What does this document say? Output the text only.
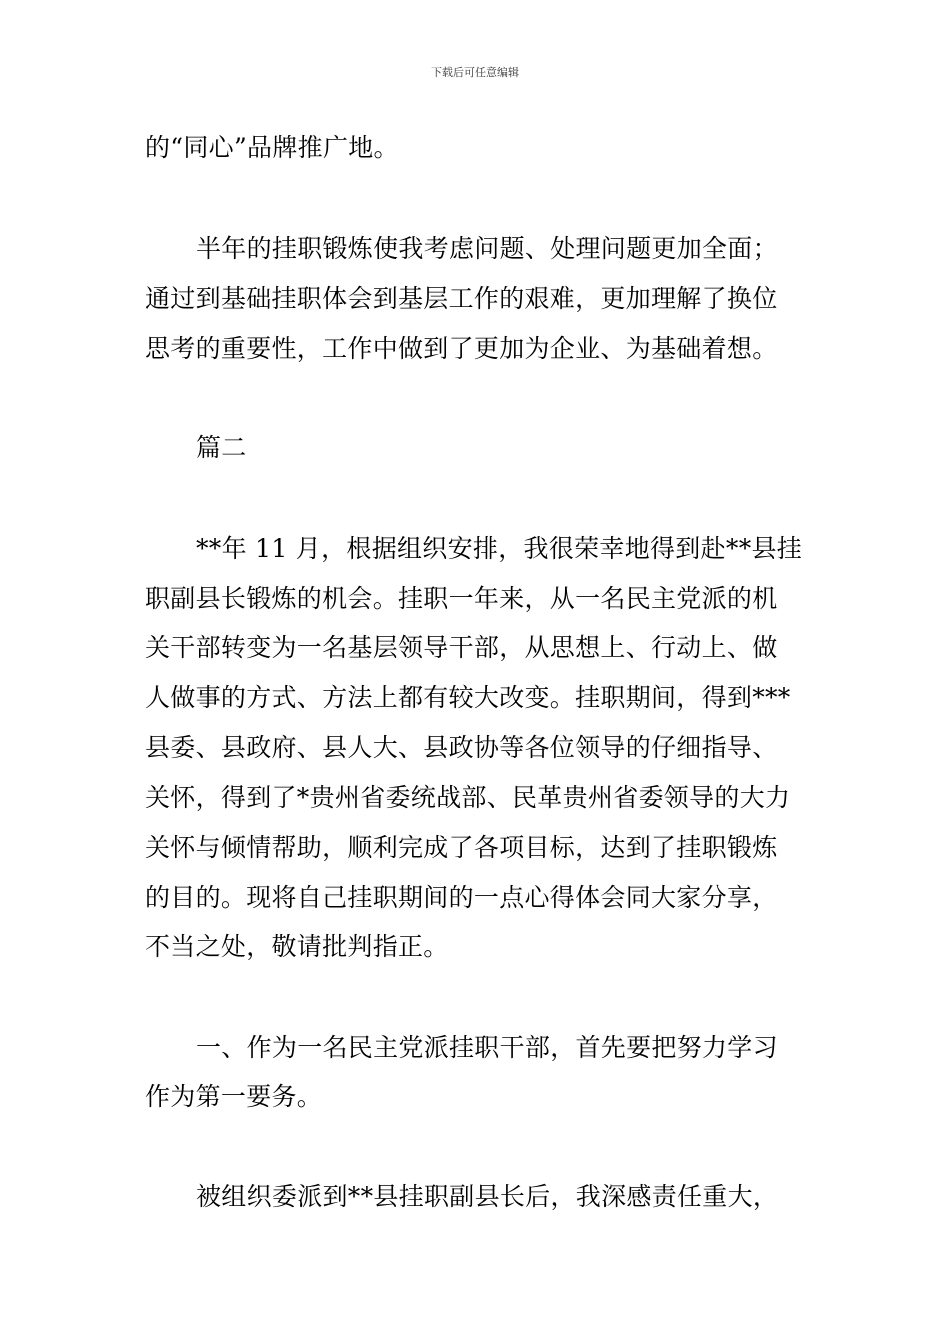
下载后可任意编辑
的“同心”品牌推广地。
半年的挂职锻炼使我考虑问题、处理问题更加全面；
通过到基础挂职体会到基层工作的艰难，更加理解了换位
思考的重要性，工作中做到了更加为企业、为基础着想。
篇二
**年 11 月，根据组织安排，我很荣幸地得到赴**县挂
职副县长锻炼的机会。挂职一年来，从一名民主党派的机
关干部转变为一名基层领导干部，从思想上、行动上、做
人做事的方式、方法上都有较大改变。挂职期间，得到***
县委、县政府、县人大、县政协等各位领导的仔细指导、
关怀，得到了*贵州省委统战部、民革贵州省委领导的大力
关怀与倾情帮助，顺利完成了各项目标，达到了挂职锻炼
的目的。现将自己挂职期间的一点心得体会同大家分享，
不当之处，敬请批判指正。
一、作为一名民主党派挂职干部，首先要把努力学习
作为第一要务。
被组织委派到**县挂职副县长后，我深感责任重大，
